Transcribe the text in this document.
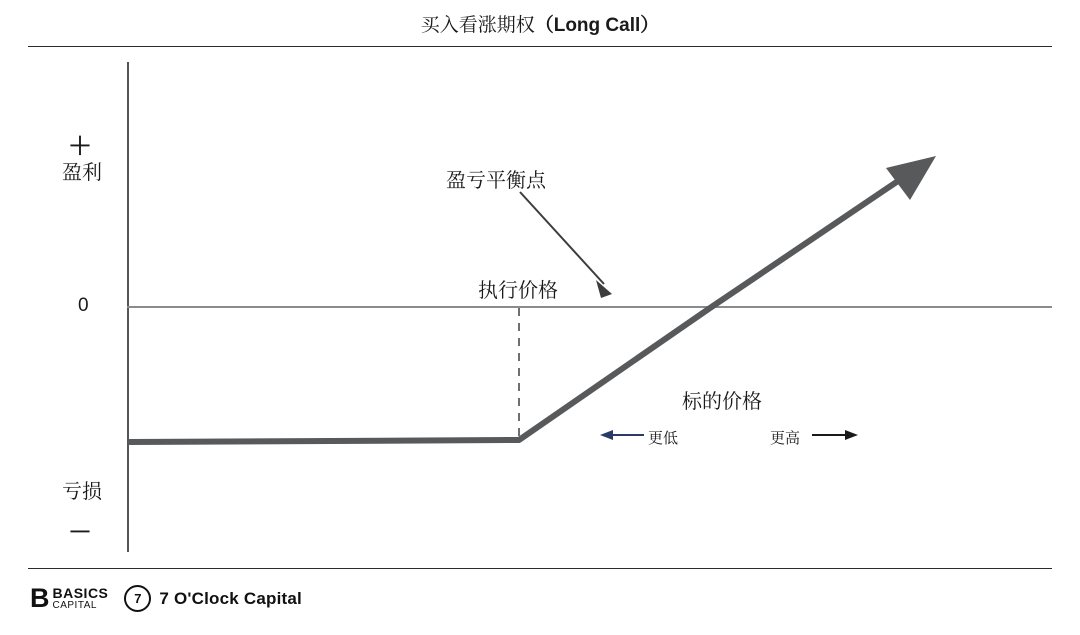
买入看涨期权（Long Call）
＋
盈利
0
亏损
－
盈亏平衡点
执行价格
标的价格
更低	更高
B BASICS
CAPITAL	7	7 O'Clock Capital
